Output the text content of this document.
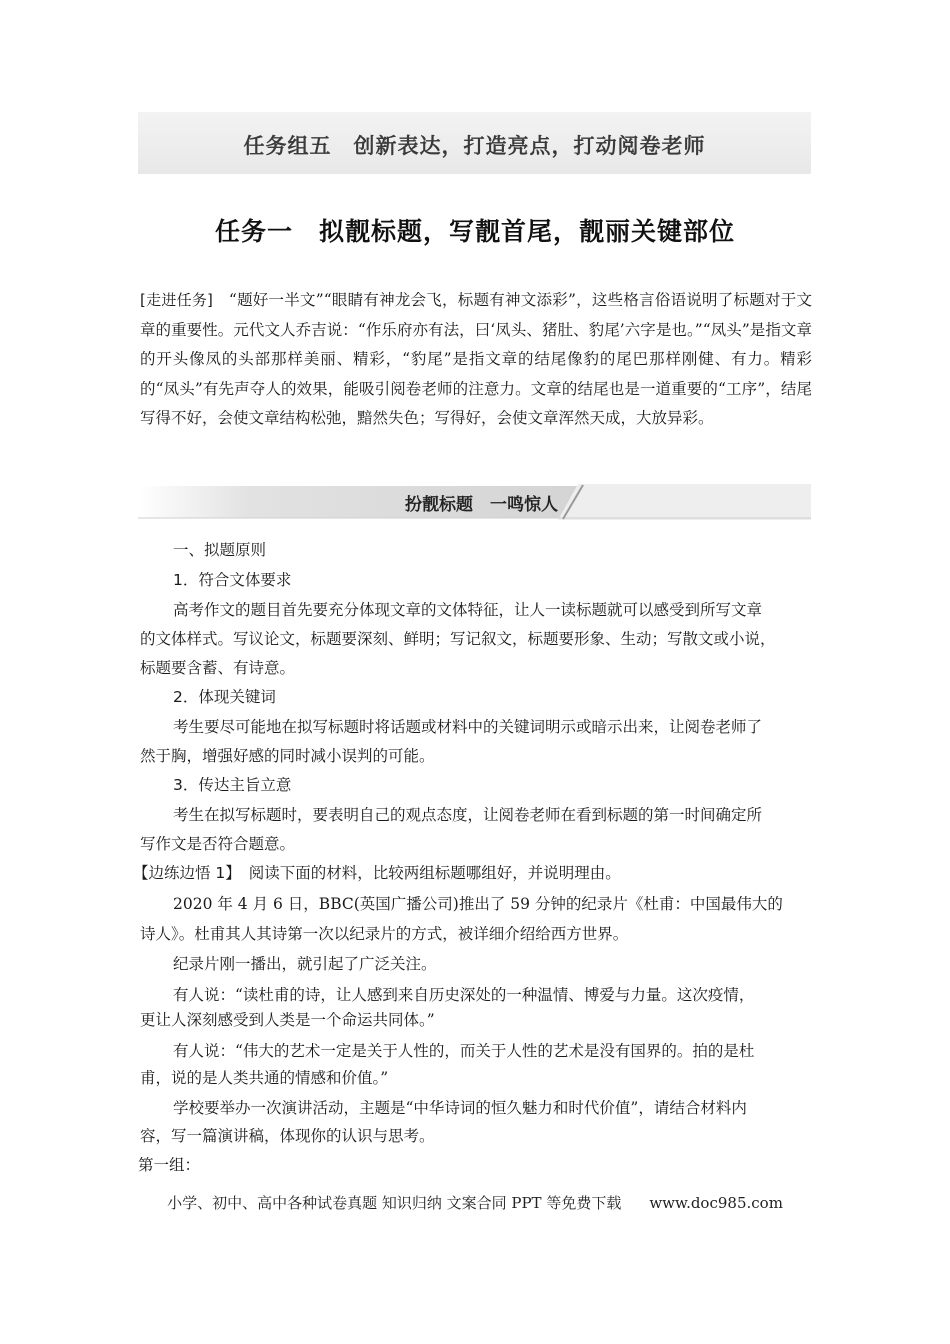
任务组五　创新表达，打造亮点，打动阅卷老师
任务一　拟靓标题，写靓首尾，靓丽关键部位
[走进任务]　“题好一半文”“眼睛有神龙会飞，标题有神文添彩”，这些格言俗语说明了标题对于文章的重要性。元代文人乔吉说：“作乐府亦有法，曰‘凤头、猪肚、豹尾’六字是也。”“凤头”是指文章的开头像凤的头部那样美丽、精彩，“豹尾”是指文章的结尾像豹的尾巴那样刚健、有力。精彩的“凤头”有先声夺人的效果，能吸引阅卷老师的注意力。文章的结尾也是一道重要的“工序”，结尾写得不好，会使文章结构松弛，黯然失色；写得好，会使文章浑然天成，大放异彩。
扮靓标题　一鸣惊人
一、拟题原则
1．符合文体要求
高考作文的题目首先要充分体现文章的文体特征，让人一读标题就可以感受到所写文章
的文体样式。写议论文，标题要深刻、鲜明；写记叙文，标题要形象、生动；写散文或小说，
标题要含蓄、有诗意。
2．体现关键词
考生要尽可能地在拟写标题时将话题或材料中的关键词明示或暗示出来，让阅卷老师了
然于胸，增强好感的同时减小误判的可能。
3．传达主旨立意
考生在拟写标题时，要表明自己的观点态度，让阅卷老师在看到标题的第一时间确定所
写作文是否符合题意。
【边练边悟 1】 阅读下面的材料，比较两组标题哪组好，并说明理由。
2020 年 4 月 6 日，BBC(英国广播公司)推出了 59 分钟的纪录片《杜甫：中国最伟大的
诗人》。杜甫其人其诗第一次以纪录片的方式，被详细介绍给西方世界。
纪录片刚一播出，就引起了广泛关注。
有人说：“读杜甫的诗，让人感到来自历史深处的一种温情、博爱与力量。这次疫情，
更让人深刻感受到人类是一个命运共同体。”
有人说：“伟大的艺术一定是关于人性的，而关于人性的艺术是没有国界的。拍的是杜
甫，说的是人类共通的情感和价值。”
学校要举办一次演讲活动，主题是“中华诗词的恒久魅力和时代价值”，请结合材料内
容，写一篇演讲稿，体现你的认识与思考。
第一组：
小学、初中、高中各种试卷真题 知识归纳 文案合同 PPT 等免费下载 www.doc985.com
